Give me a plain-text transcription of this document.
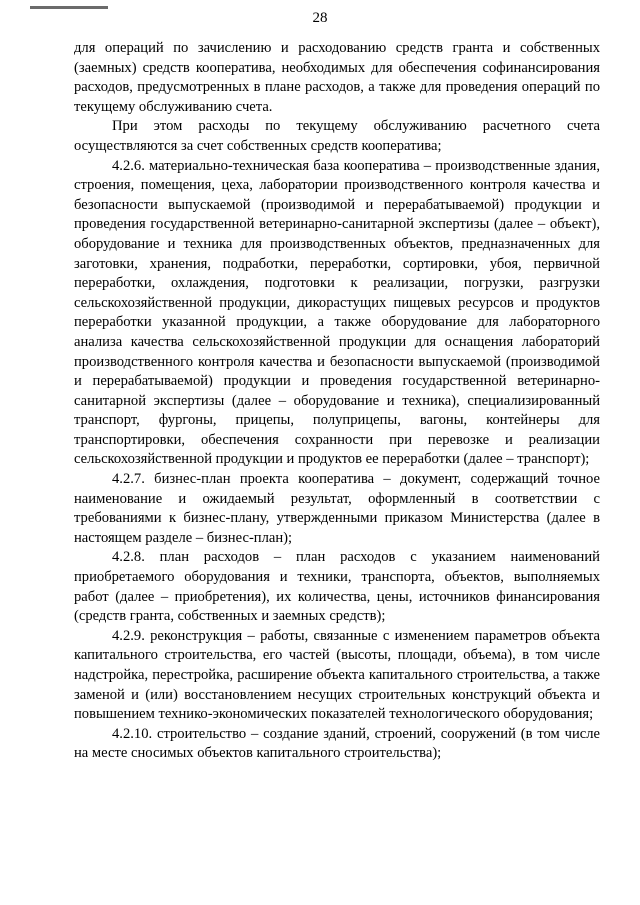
28

для операций по зачислению и расходованию средств гранта и собственных (заемных) средств кооператива, необходимых для обеспечения софинансирования расходов, предусмотренных в плане расходов, а также для проведения операций по текущему обслуживанию счета.

При этом расходы по текущему обслуживанию расчетного счета осуществляются за счет собственных средств кооператива;

4.2.6. материально-техническая база кооператива – производственные здания, строения, помещения, цеха, лаборатории производственного контроля качества и безопасности выпускаемой (производимой и перерабатываемой) продукции и проведения государственной ветеринарно-санитарной экспертизы (далее – объект), оборудование и техника для производственных объектов, предназначенных для заготовки, хранения, подработки, переработки, сортировки, убоя, первичной переработки, охлаждения, подготовки к реализации, погрузки, разгрузки сельскохозяйственной продукции, дикорастущих пищевых ресурсов и продуктов переработки указанной продукции, а также оборудование для лабораторного анализа качества сельскохозяйственной продукции для оснащения лабораторий производственного контроля качества и безопасности выпускаемой (производимой и перерабатываемой) продукции и проведения государственной ветеринарно-санитарной экспертизы (далее – оборудование и техника), специализированный транспорт, фургоны, прицепы, полуприцепы, вагоны, контейнеры для транспортировки, обеспечения сохранности при перевозке и реализации сельскохозяйственной продукции и продуктов ее переработки (далее – транспорт);

4.2.7. бизнес-план проекта кооператива – документ, содержащий точное наименование и ожидаемый результат, оформленный в соответствии с требованиями к бизнес-плану, утвержденными приказом Министерства (далее в настоящем разделе – бизнес-план);

4.2.8. план расходов – план расходов с указанием наименований приобретаемого оборудования и техники, транспорта, объектов, выполняемых работ (далее – приобретения), их количества, цены, источников финансирования (средств гранта, собственных и заемных средств);

4.2.9. реконструкция – работы, связанные с изменением параметров объекта капитального строительства, его частей (высоты, площади, объема), в том числе надстройка, перестройка, расширение объекта капитального строительства, а также заменой и (или) восстановлением несущих строительных конструкций объекта и повышением технико-экономических показателей технологического оборудования;

4.2.10. строительство – создание зданий, строений, сооружений (в том числе на месте сносимых объектов капитального строительства);
